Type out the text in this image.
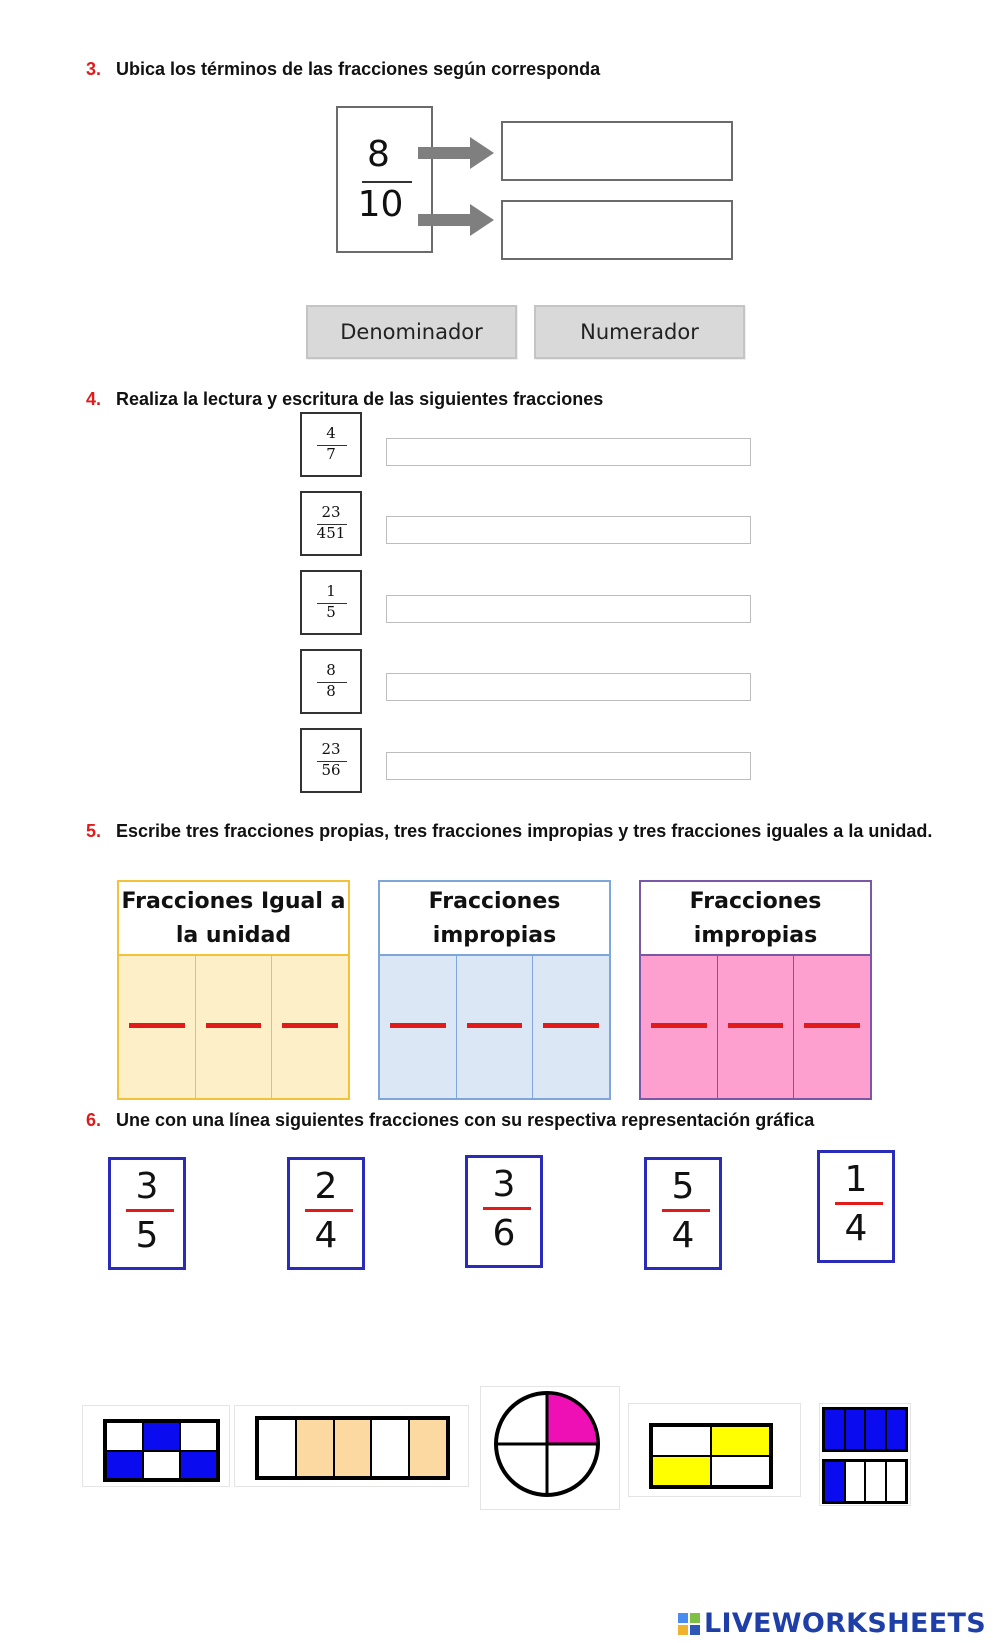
3. Ubica los términos de las fracciones según corresponda
8
10
Denominador	Numerador
4. Realiza la lectura y escritura de las siguientes fracciones
4
7
23
451
1
5
8
8
23
56
5. Escribe tres fracciones propias, tres fracciones impropias y tres fracciones iguales a la unidad.
Fracciones Igual a la unidad
Fracciones impropias
Fracciones impropias
6. Une con una línea siguientes fracciones con su respectiva representación gráfica
3
5
2
4
3
6
5
4
1
4
LIVEWORKSHEETS
